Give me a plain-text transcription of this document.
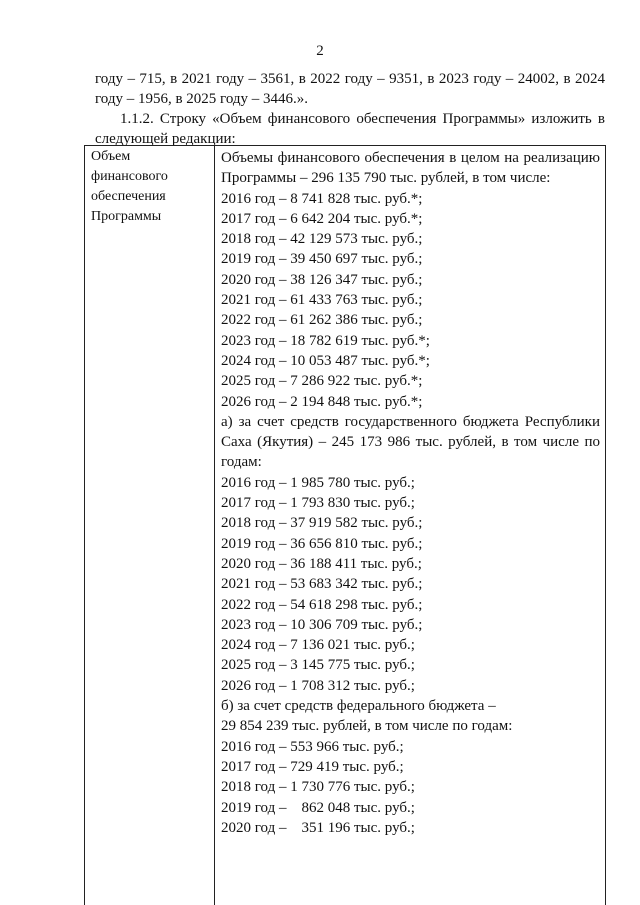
2

году – 715, в 2021 году – 3561, в 2022 году – 9351, в 2023 году – 24002, в 2024 году – 1956, в 2025 году – 3446.».

1.1.2. Строку «Объем финансового обеспечения Программы» изложить в следующей редакции:

Объем
финансового
обеспечения
Программы
Объемы финансового обеспечения в целом на реализацию Программы – 296 135 790 тыс. рублей, в том числе:
2016 год – 8 741 828 тыс. руб.*;
2017 год – 6 642 204 тыс. руб.*;
2018 год – 42 129 573 тыс. руб.;
2019 год – 39 450 697 тыс. руб.;
2020 год – 38 126 347 тыс. руб.;
2021 год – 61 433 763 тыс. руб.;
2022 год – 61 262 386 тыс. руб.;
2023 год – 18 782 619 тыс. руб.*;
2024 год – 10 053 487 тыс. руб.*;
2025 год – 7 286 922 тыс. руб.*;
2026 год – 2 194 848 тыс. руб.*;
а) за счет средств государственного бюджета Республики Саха (Якутия) – 245 173 986 тыс. рублей, в том числе по годам:
2016 год – 1 985 780 тыс. руб.;
2017 год – 1 793 830 тыс. руб.;
2018 год – 37 919 582 тыс. руб.;
2019 год – 36 656 810 тыс. руб.;
2020 год – 36 188 411 тыс. руб.;
2021 год – 53 683 342 тыс. руб.;
2022 год – 54 618 298 тыс. руб.;
2023 год – 10 306 709 тыс. руб.;
2024 год – 7 136 021 тыс. руб.;
2025 год – 3 145 775 тыс. руб.;
2026 год – 1 708 312 тыс. руб.;
б) за счет средств федерального бюджета –
29 854 239 тыс. рублей, в том числе по годам:
2016 год – 553 966 тыс. руб.;
2017 год – 729 419 тыс. руб.;
2018 год – 1 730 776 тыс. руб.;
2019 год –    862 048 тыс. руб.;
2020 год –    351 196 тыс. руб.;
